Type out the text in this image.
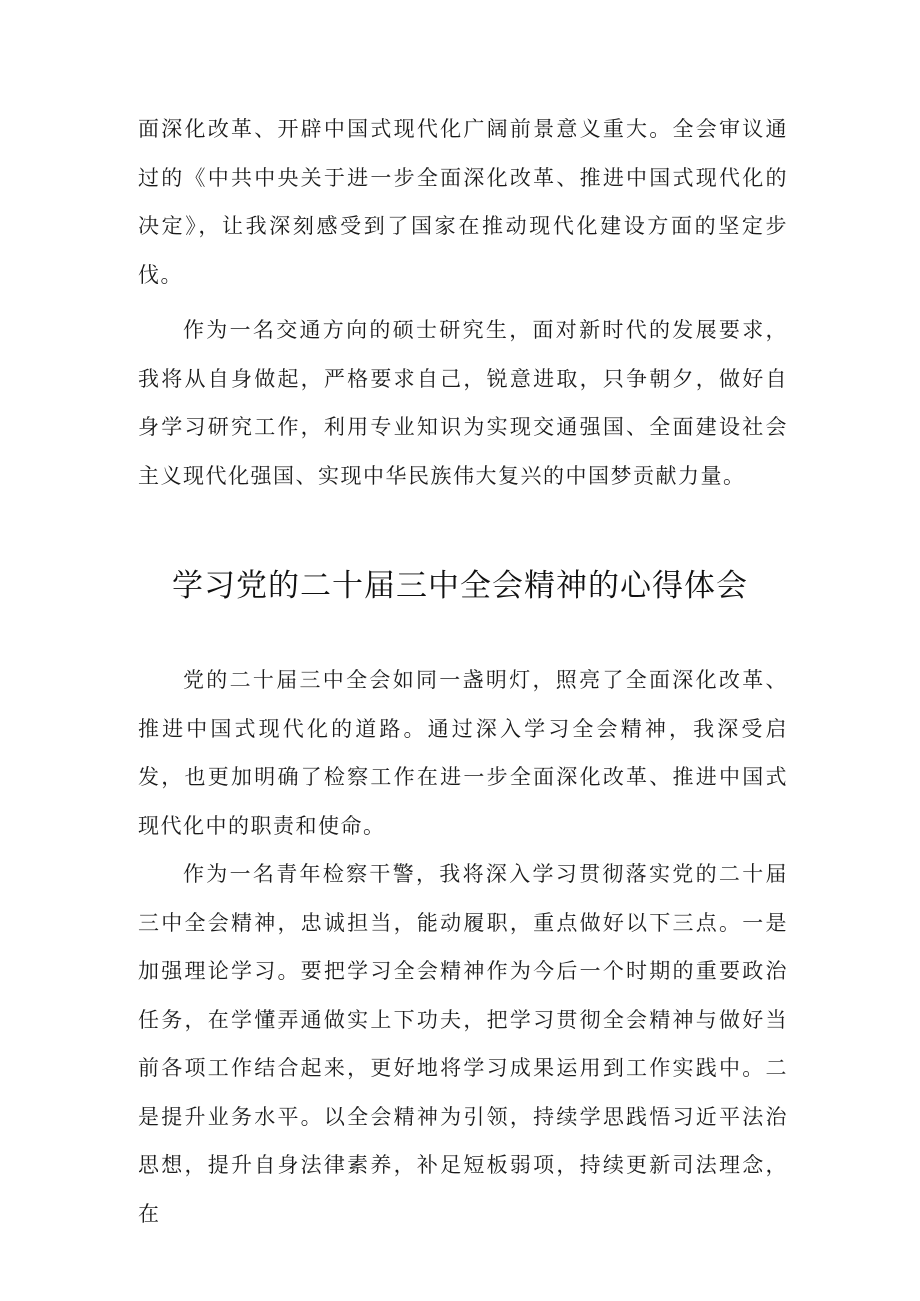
面深化改革、开辟中国式现代化广阔前景意义重大。全会审议通过的《中共中央关于进一步全面深化改革、推进中国式现代化的决定》，让我深刻感受到了国家在推动现代化建设方面的坚定步伐。

作为一名交通方向的硕士研究生，面对新时代的发展要求，我将从自身做起，严格要求自己，锐意进取，只争朝夕，做好自身学习研究工作，利用专业知识为实现交通强国、全面建设社会主义现代化强国、实现中华民族伟大复兴的中国梦贡献力量。

学习党的二十届三中全会精神的心得体会

党的二十届三中全会如同一盏明灯，照亮了全面深化改革、推进中国式现代化的道路。通过深入学习全会精神，我深受启发，也更加明确了检察工作在进一步全面深化改革、推进中国式现代化中的职责和使命。

作为一名青年检察干警，我将深入学习贯彻落实党的二十届三中全会精神，忠诚担当，能动履职，重点做好以下三点。一是加强理论学习。要把学习全会精神作为今后一个时期的重要政治任务，在学懂弄通做实上下功夫，把学习贯彻全会精神与做好当前各项工作结合起来，更好地将学习成果运用到工作实践中。二是提升业务水平。以全会精神为引领，持续学思践悟习近平法治思想，提升自身法律素养，补足短板弱项，持续更新司法理念，在
